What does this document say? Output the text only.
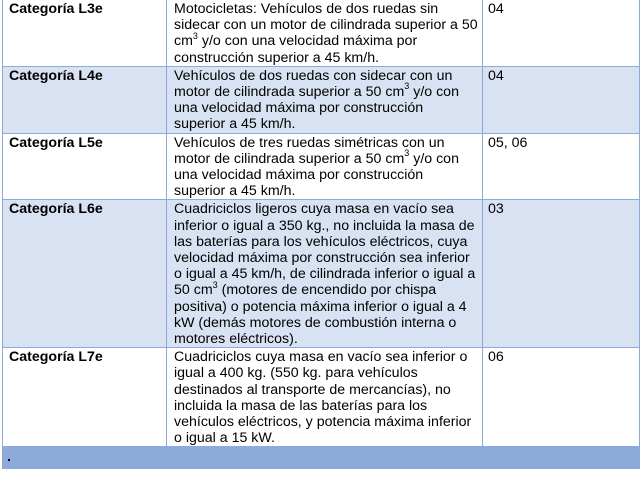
Categoría L3e	Motocicletas: Vehículos de dos ruedas sin sidecar con un motor de cilindrada superior a 50 $cm^3$ y/o con una velocidad máxima por construcción superior a 45 km/h.	04
Categoría L4e	Vehículos de dos ruedas con sidecar con un motor de cilindrada superior a 50 $cm^3$ y/o con una velocidad máxima por construcción superior a 45 km/h.	04
Categoría L5e	Vehículos de tres ruedas simétricas con un motor de cilindrada superior a 50 $cm^3$ y/o con una velocidad máxima por construcción superior a 45 km/h.	05, 06
Categoría L6e	Cuadriciclos ligeros cuya masa en vacío sea inferior o igual a 350 kg., no incluida la masa de las baterías para los vehículos eléctricos, cuya velocidad máxima por construcción sea inferior o igual a 45 km/h, de cilindrada inferior o igual a 50 $cm^3$ (motores de encendido por chispa positiva) o potencia máxima inferior o igual a 4 kW (demás motores de combustión interna o motores eléctricos).	03
Categoría L7e	Cuadriciclos cuya masa en vacío sea inferior o igual a 400 kg. (550 kg. para vehículos destinados al transporte de mercancías), no incluida la masa de las baterías para los vehículos eléctricos, y potencia máxima inferior o igual a 15 kW.	06
.		
